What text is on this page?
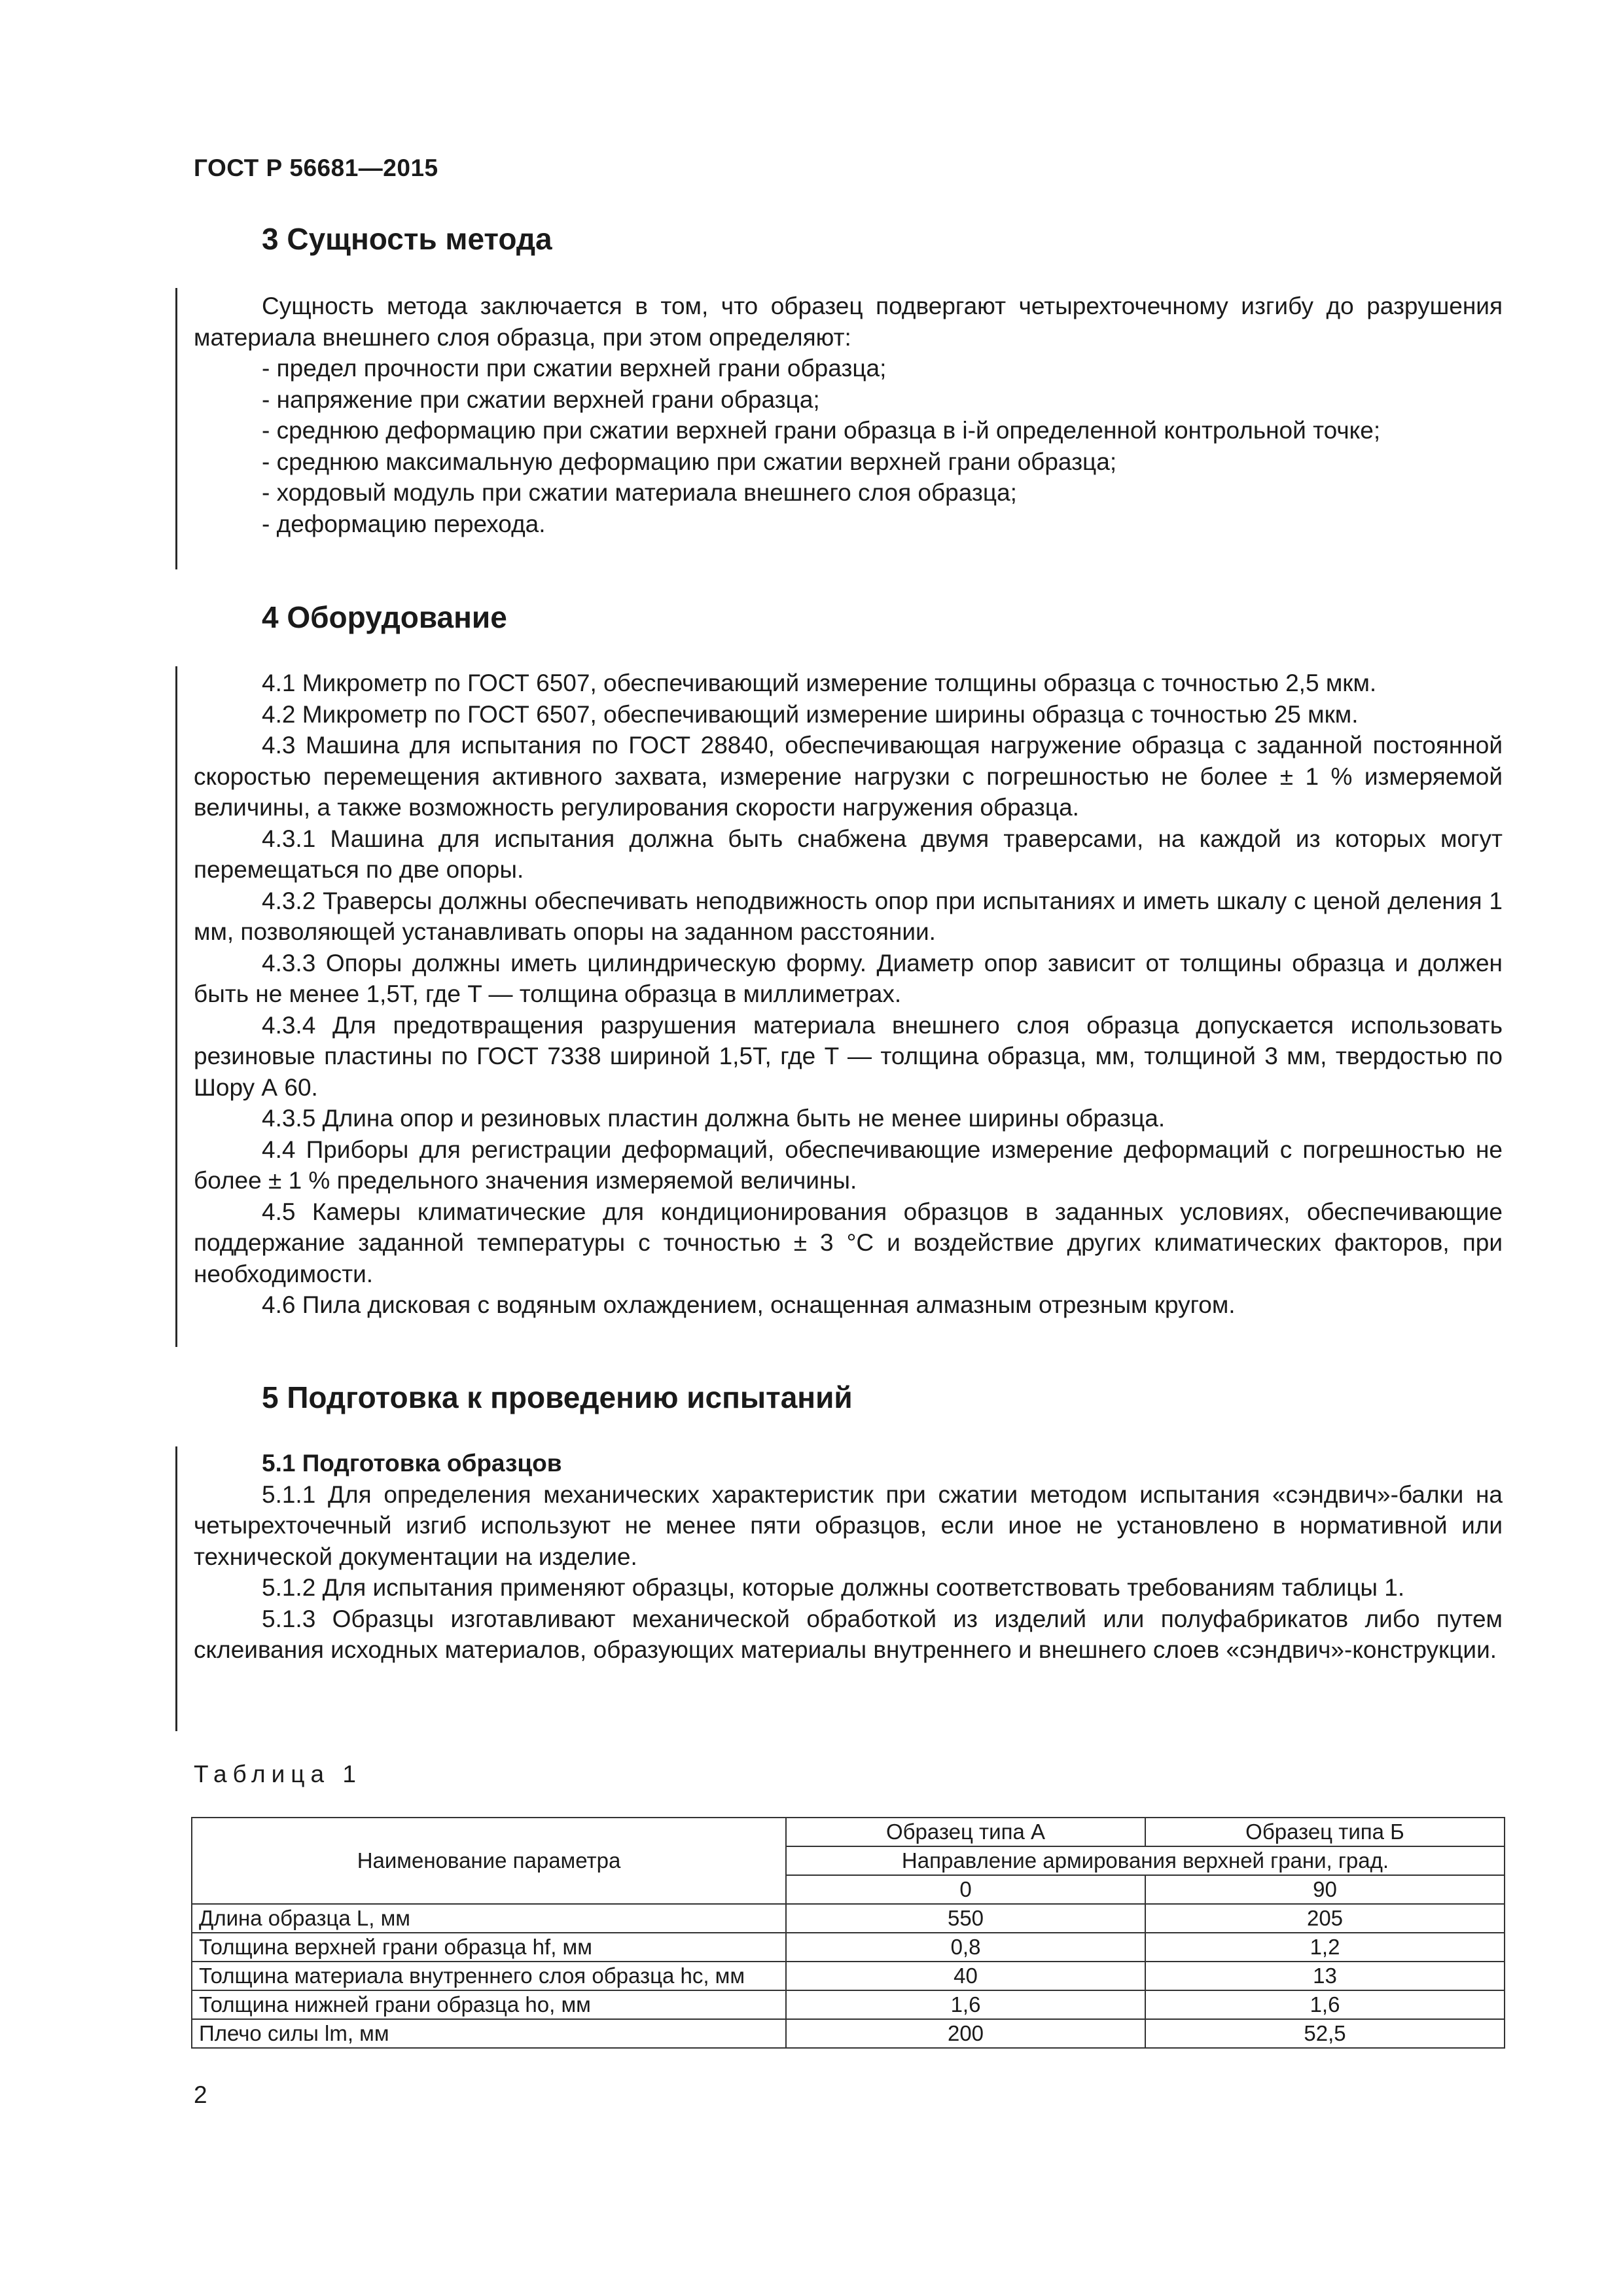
ГОСТ Р 56681—2015
3 Сущность метода

Сущность метода заключается в том, что образец подвергают четырехточечному изгибу до разрушения материала внешнего слоя образца, при этом определяют:

- предел прочности при сжатии верхней грани образца;

- напряжение при сжатии верхней грани образца;

- среднюю деформацию при сжатии верхней грани образца в i-й определенной контрольной точке;

- среднюю максимальную деформацию при сжатии верхней грани образца;

- хордовый модуль при сжатии материала внешнего слоя образца;

- деформацию перехода.

4 Оборудование

4.1 Микрометр по ГОСТ 6507, обеспечивающий измерение толщины образца с точностью 2,5 мкм.

4.2 Микрометр по ГОСТ 6507, обеспечивающий измерение ширины образца с точностью 25 мкм.

4.3 Машина для испытания по ГОСТ 28840, обеспечивающая нагружение образца с заданной постоянной скоростью перемещения активного захвата, измерение нагрузки с погрешностью не более ± 1 % измеряемой величины, а также возможность регулирования скорости нагружения образца.

4.3.1 Машина для испытания должна быть снабжена двумя траверсами, на каждой из которых могут перемещаться по две опоры.

4.3.2 Траверсы должны обеспечивать неподвижность опор при испытаниях и иметь шкалу с ценой деления 1 мм, позволяющей устанавливать опоры на заданном расстоянии.

4.3.3 Опоры должны иметь цилиндрическую форму. Диаметр опор зависит от толщины образца и должен быть не менее 1,5T, где T — толщина образца в миллиметрах.

4.3.4 Для предотвращения разрушения материала внешнего слоя образца допускается использовать резиновые пластины по ГОСТ 7338 шириной 1,5T, где T — толщина образца, мм, толщиной 3 мм, твердостью по Шору А 60.

4.3.5 Длина опор и резиновых пластин должна быть не менее ширины образца.

4.4 Приборы для регистрации деформаций, обеспечивающие измерение деформаций с погрешностью не более ± 1 % предельного значения измеряемой величины.

4.5 Камеры климатические для кондиционирования образцов в заданных условиях, обеспечивающие поддержание заданной температуры с точностью ± 3 °С и воздействие других климатических факторов, при необходимости.

4.6 Пила дисковая с водяным охлаждением, оснащенная алмазным отрезным кругом.

5 Подготовка к проведению испытаний

5.1 Подготовка образцов

5.1.1 Для определения механических характеристик при сжатии методом испытания «сэндвич»-балки на четырехточечный изгиб используют не менее пяти образцов, если иное не установлено в нормативной или технической документации на изделие.

5.1.2 Для испытания применяют образцы, которые должны соответствовать требованиям таблицы 1.

5.1.3 Образцы изготавливают механической обработкой из изделий или полуфабрикатов либо путем склеивания исходных материалов, образующих материалы внутреннего и внешнего слоев «сэндвич»-конструкции.

Таблица 1
Наименование параметра	Образец типа А	Образец типа Б
	Направление армирования верхней грани, град.	
	0	90
Длина образца L, мм	550	205
Толщина верхней грани образца hf, мм	0,8	1,2
Толщина материала внутреннего слоя образца hc, мм	40	13
Толщина нижней грани образца ho, мм	1,6	1,6
Плечо силы lm, мм	200	52,5
2
